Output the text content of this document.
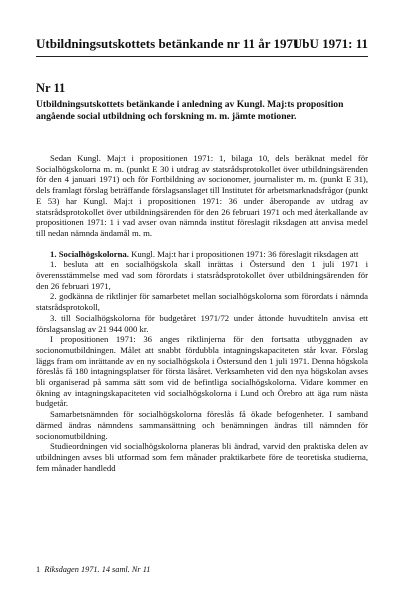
Utbildningsutskottets betänkande nr 11 år 1971
UbU 1971: 11
Nr 11
Utbildningsutskottets betänkande i anledning av Kungl. Maj:ts proposition angående social utbildning och forskning m. m. jämte motioner.

Sedan Kungl. Maj:t i propositionen 1971: 1, bilaga 10, dels beräknat medel för Socialhögskolorna m. m. (punkt E 30 i utdrag av statsrådsprotokollet över utbildningsärenden för den 4 januari 1971) och för Fortbildning av socionomer, journalister m. m. (punkt E 31), dels framlagt förslag beträffande förslagsanslaget till Institutet för arbetsmarknadsfrågor (punkt E 53) har Kungl. Maj:t i propositionen 1971: 36 under åberopande av utdrag av statsrådsprotokollet över utbildningsärenden för den 26 februari 1971 och med återkallande av propositionen 1971: 1 i vad avser ovan nämnda institut föreslagit riksdagen att anvisa medel till nedan nämnda ändamål m. m.

1. Socialhögskolorna. Kungl. Maj:t har i propositionen 1971: 36 föreslagit riksdagen att

1. besluta att en socialhögskola skall inrättas i Östersund den 1 juli 1971 i överensstämmelse med vad som förordats i statsrådsprotokollet över utbildningsärenden för den 26 februari 1971,

2. godkänna de riktlinjer för samarbetet mellan socialhögskolorna som förordats i nämnda statsrådsprotokoll,

3. till Socialhögskolorna för budgetåret 1971/72 under åttonde huvudtiteln anvisa ett förslagsanslag av 21 944 000 kr.

I propositionen 1971: 36 anges riktlinjerna för den fortsatta utbyggnaden av socionomutbildningen. Målet att snabbt fördubbla intagningskapaciteten står kvar. Förslag läggs fram om inrättande av en ny socialhögskola i Östersund den 1 juli 1971. Denna högskola föreslås få 180 intagningsplatser för första läsåret. Verksamheten vid den nya högskolan avses bli organiserad på samma sätt som vid de befintliga socialhögskolorna. Vidare kommer en ökning av intagningskapaciteten vid socialhögskolorna i Lund och Örebro att äga rum nästa budgetår.

Samarbetsnämnden för socialhögskolorna föreslås få ökade befogenheter. I samband därmed ändras nämndens sammansättning och benämningen ändras till nämnden för socionomutbildning.

Studieordningen vid socialhögskolorna planeras bli ändrad, varvid den praktiska delen av utbildningen avses bli utformad som fem månader praktikarbete före de teoretiska studierna, fem månader handledd

1 Riksdagen 1971. 14 saml. Nr 11
